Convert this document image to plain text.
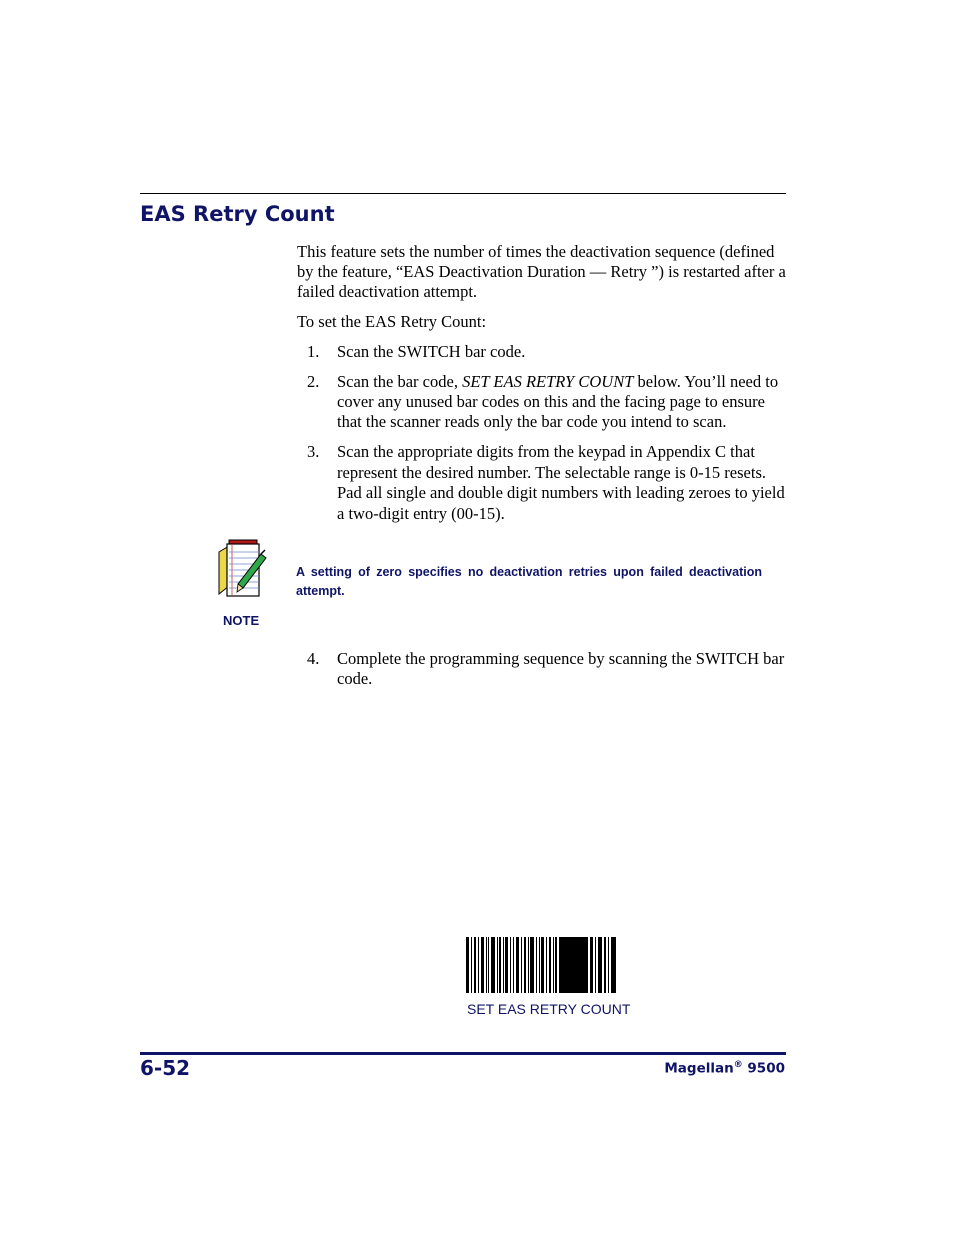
EAS Retry Count
This feature sets the number of times the deactivation sequence (defined by the feature, “EAS Deactivation Duration — Retry ”) is restarted after a failed deactivation attempt.
To set the EAS Retry Count:
1.	Scan the SWITCH bar code.
2.	Scan the bar code, SET EAS RETRY COUNT below. You’ll need to cover any unused bar codes on this and the facing page to ensure that the scanner reads only the bar code you intend to scan.
3.	Scan the appropriate digits from the keypad in Appendix C that represent the desired number. The selectable range is 0-15 resets. Pad all single and double digit numbers with leading zeroes to yield a two-digit entry (00-15).
NOTE
A setting of zero specifies no deactivation retries upon failed deactivation attempt.
4.	Complete the programming sequence by scanning the SWITCH bar code.
SET EAS RETRY COUNT
6-52	Magellan® 9500
